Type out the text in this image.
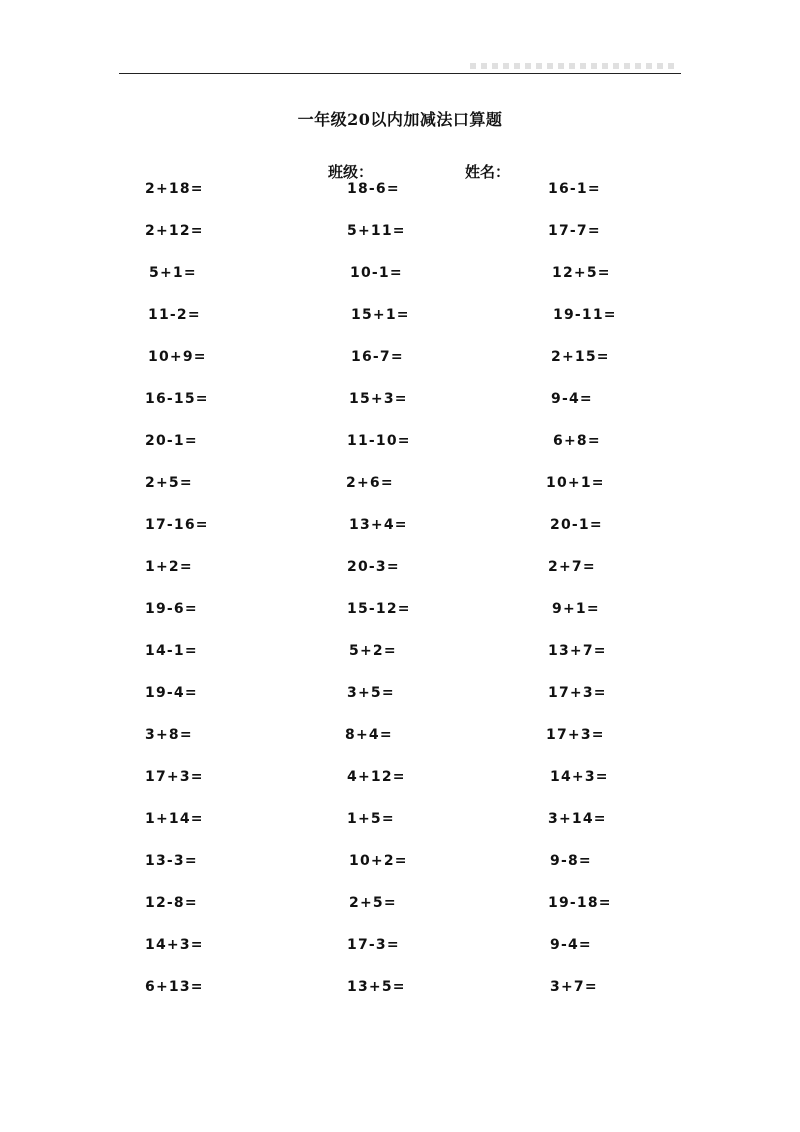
一年级20以内加减法口算题
班级：	姓名：
2+18=	18-6=	16-1=
2+12=	5+11=	17-7=
5+1=	10-1=	12+5=
11-2=	15+1=	19-11=
10+9=	16-7=	2+15=
16-15=	15+3=	9-4=
20-1=	11-10=	6+8=
2+5=	2+6=	10+1=
17-16=	13+4=	20-1=
1+2=	20-3=	2+7=
19-6=	15-12=	9+1=
14-1=	5+2=	13+7=
19-4=	3+5=	17+3=
3+8=	8+4=	17+3=
17+3=	4+12=	14+3=
1+14=	1+5=	3+14=
13-3=	10+2=	9-8=
12-8=	2+5=	19-18=
14+3=	17-3=	9-4=
6+13=	13+5=	3+7=
